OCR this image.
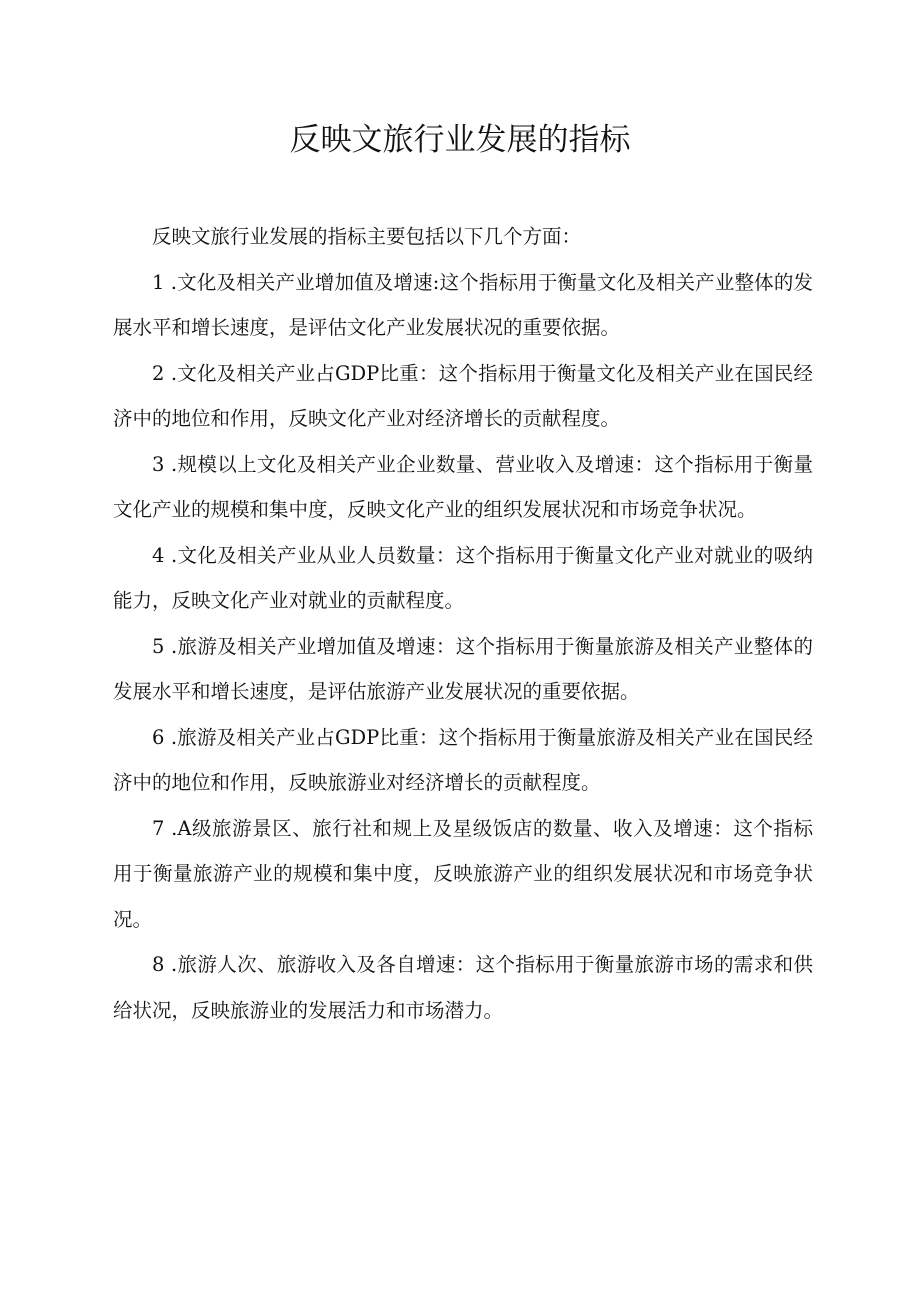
反映文旅行业发展的指标

反映文旅行业发展的指标主要包括以下几个方面：

1 .文化及相关产业增加值及增速:这个指标用于衡量文化及相关产业整体的发展水平和增长速度，是评估文化产业发展状况的重要依据。

2 .文化及相关产业占GDP比重：这个指标用于衡量文化及相关产业在国民经济中的地位和作用，反映文化产业对经济增长的贡献程度。

3 .规模以上文化及相关产业企业数量、营业收入及增速：这个指标用于衡量文化产业的规模和集中度，反映文化产业的组织发展状况和市场竞争状况。

4 .文化及相关产业从业人员数量：这个指标用于衡量文化产业对就业的吸纳能力，反映文化产业对就业的贡献程度。

5 .旅游及相关产业增加值及增速：这个指标用于衡量旅游及相关产业整体的发展水平和增长速度，是评估旅游产业发展状况的重要依据。

6 .旅游及相关产业占GDP比重：这个指标用于衡量旅游及相关产业在国民经济中的地位和作用，反映旅游业对经济增长的贡献程度。

7 .A级旅游景区、旅行社和规上及星级饭店的数量、收入及增速：这个指标用于衡量旅游产业的规模和集中度，反映旅游产业的组织发展状况和市场竞争状况。

8 .旅游人次、旅游收入及各自增速：这个指标用于衡量旅游市场的需求和供给状况，反映旅游业的发展活力和市场潜力。
